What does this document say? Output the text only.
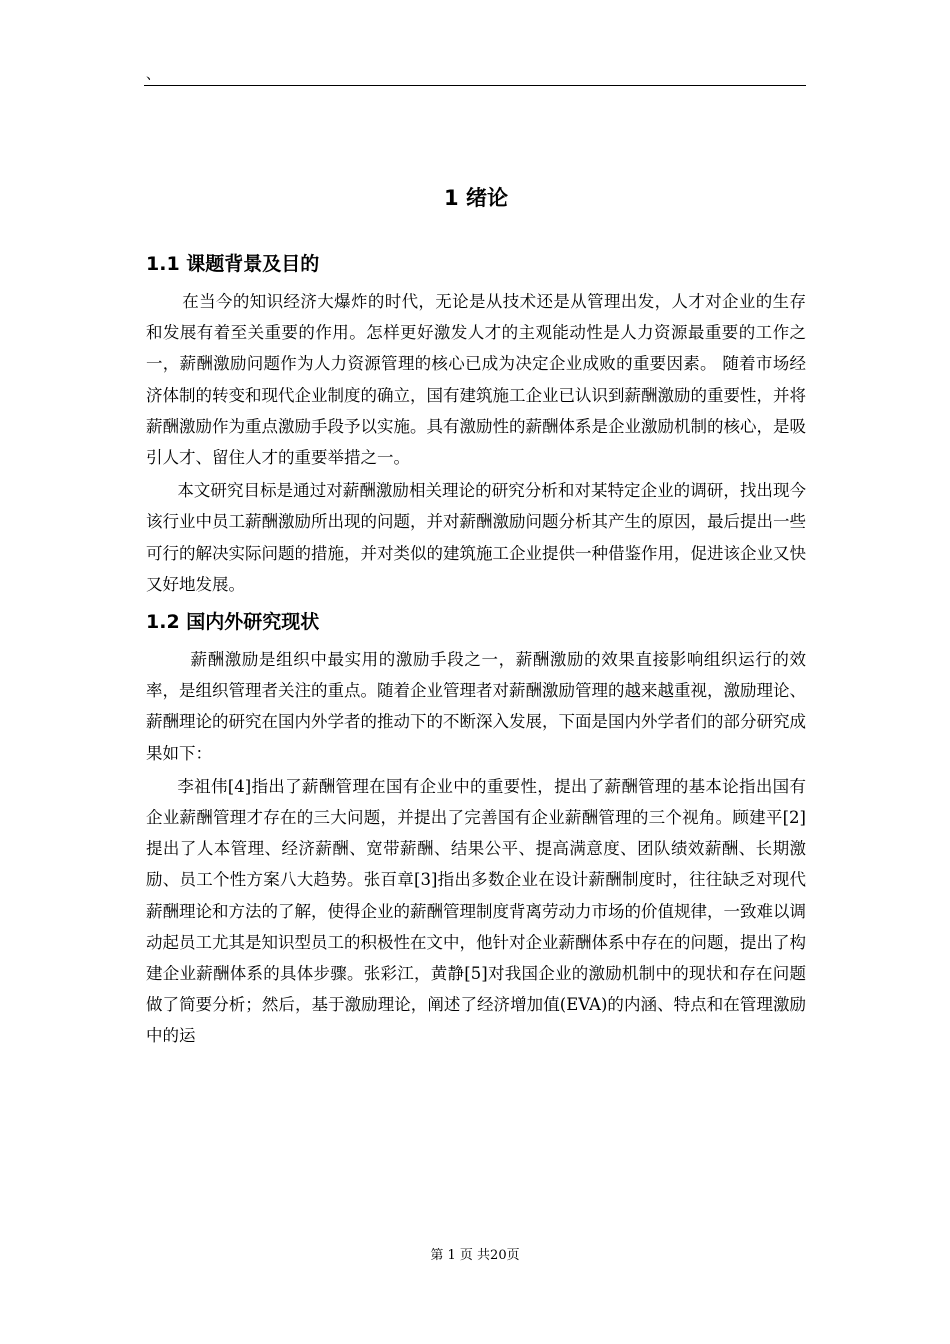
、
1 绪论
1.1 课题背景及目的

在当今的知识经济大爆炸的时代，无论是从技术还是从管理出发，人才对企业的生存和发展有着至关重要的作用。怎样更好激发人才的主观能动性是人力资源最重要的工作之一，薪酬激励问题作为人力资源管理的核心已成为决定企业成败的重要因素。 随着市场经济体制的转变和现代企业制度的确立，国有建筑施工企业已认识到薪酬激励的重要性，并将薪酬激励作为重点激励手段予以实施。具有激励性的薪酬体系是企业激励机制的核心，是吸引人才、留住人才的重要举措之一。

本文研究目标是通过对薪酬激励相关理论的研究分析和对某特定企业的调研，找出现今该行业中员工薪酬激励所出现的问题，并对薪酬激励问题分析其产生的原因，最后提出一些可行的解决实际问题的措施，并对类似的建筑施工企业提供一种借鉴作用，促进该企业又快又好地发展。

1.2 国内外研究现状

薪酬激励是组织中最实用的激励手段之一，薪酬激励的效果直接影响组织运行的效率，是组织管理者关注的重点。随着企业管理者对薪酬激励管理的越来越重视，激励理论、薪酬理论的研究在国内外学者的推动下的不断深入发展，下面是国内外学者们的部分研究成果如下：

李祖伟[4]指出了薪酬管理在国有企业中的重要性，提出了薪酬管理的基本论指出国有企业薪酬管理才存在的三大问题，并提出了完善国有企业薪酬管理的三个视角。顾建平[2]提出了人本管理、经济薪酬、宽带薪酬、结果公平、提高满意度、团队绩效薪酬、长期激励、员工个性方案八大趋势。张百章[3]指出多数企业在设计薪酬制度时，往往缺乏对现代薪酬理论和方法的了解，使得企业的薪酬管理制度背离劳动力市场的价值规律，一致难以调动起员工尤其是知识型员工的积极性在文中，他针对企业薪酬体系中存在的问题，提出了构建企业薪酬体系的具体步骤。张彩江，黄静[5]对我国企业的激励机制中的现状和存在问题做了简要分析；然后，基于激励理论，阐述了经济增加值(EVA)的内涵、特点和在管理激励中的运

第 1 页 共20页
